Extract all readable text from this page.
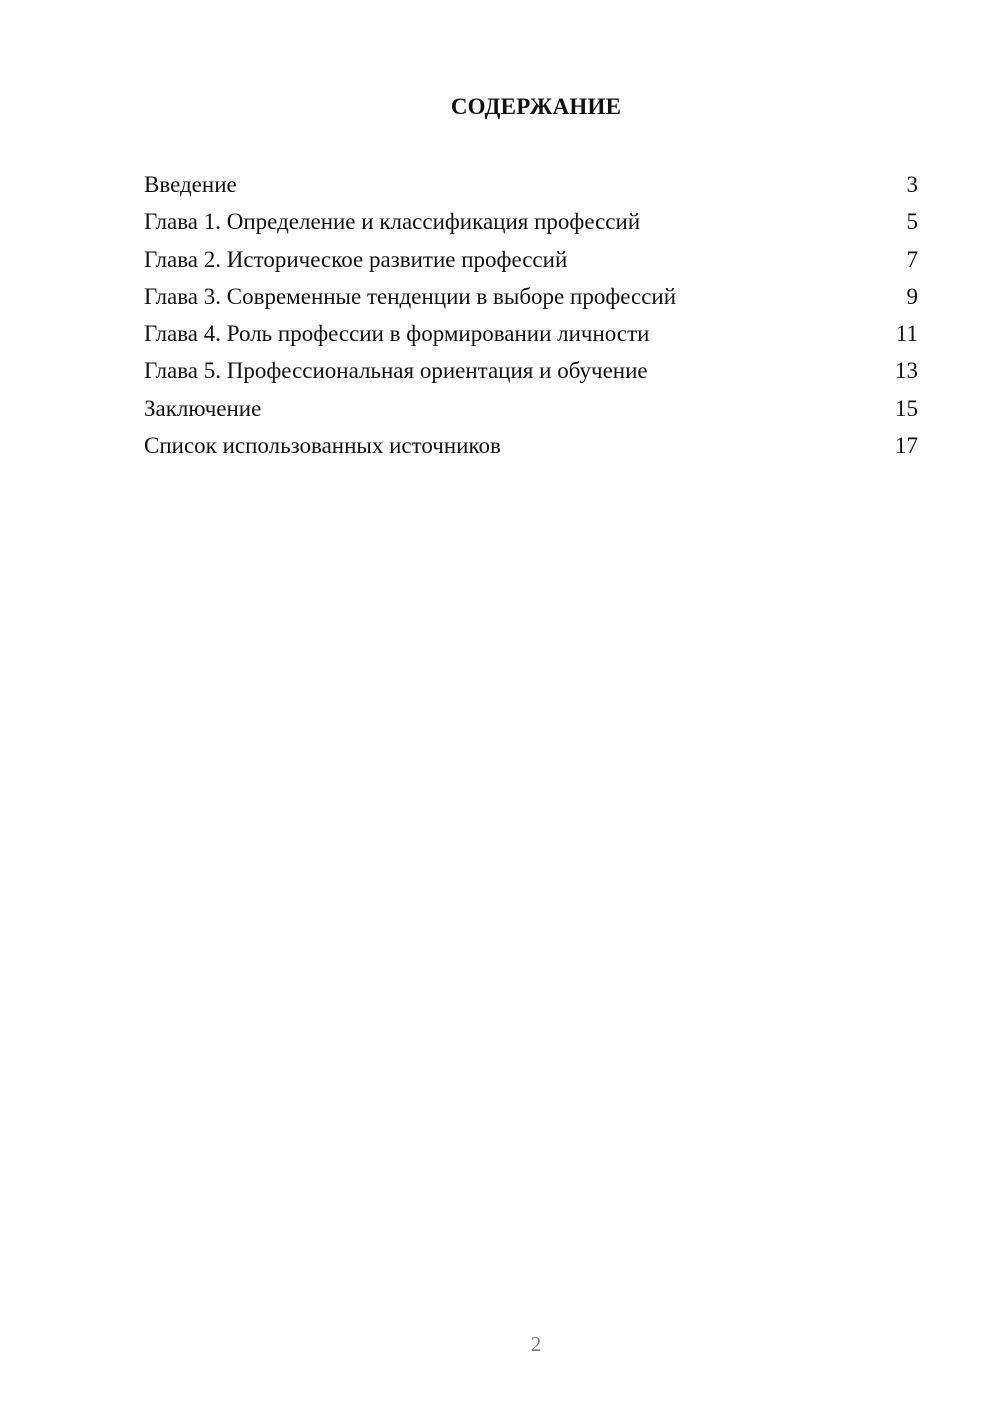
СОДЕРЖАНИЕ
Введение	3
Глава 1. Определение и классификация профессий	5
Глава 2. Историческое развитие профессий	7
Глава 3. Современные тенденции в выборе профессий	9
Глава 4. Роль профессии в формировании личности	11
Глава 5. Профессиональная ориентация и обучение	13
Заключение	15
Список использованных источников	17
2
